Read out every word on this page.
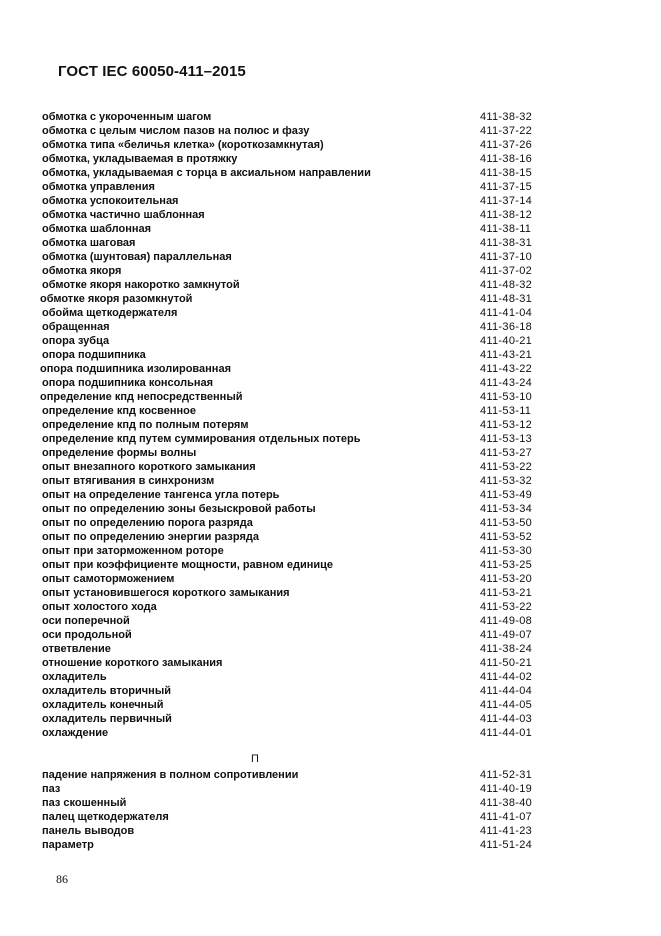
ГОСТ IEC 60050-411–2015
обмотка с укороченным шагом	411-38-32
обмотка с целым числом пазов на полюс и фазу	411-37-22
обмотка типа «беличья клетка» (короткозамкнутая)	411-37-26
обмотка, укладываемая в протяжку	411-38-16
обмотка, укладываемая с торца в аксиальном направлении	411-38-15
обмотка управления	411-37-15
обмотка успокоительная	411-37-14
обмотка частично шаблонная	411-38-12
обмотка шаблонная	411-38-11
обмотка шаговая	411-38-31
обмотка (шунтовая) параллельная	411-37-10
обмотка якоря	411-37-02
обмотке якоря накоротко замкнутой	411-48-32
обмотке якоря разомкнутой	411-48-31
обойма щеткодержателя	411-41-04
обращенная	411-36-18
опора зубца	411-40-21
опора подшипника	411-43-21
опора подшипника изолированная	411-43-22
опора подшипника консольная	411-43-24
определение кпд непосредственный	411-53-10
определение кпд косвенное	411-53-11
определение кпд по полным потерям	411-53-12
определение кпд путем суммирования отдельных потерь	411-53-13
определение формы волны	411-53-27
опыт внезапного короткого замыкания	411-53-22
опыт втягивания в синхронизм	411-53-32
опыт на определение тангенса угла потерь	411-53-49
опыт по определению зоны безыскровой работы	411-53-34
опыт по определению порога разряда	411-53-50
опыт по определению энергии разряда	411-53-52
опыт при заторможенном роторе	411-53-30
опыт при коэффициенте мощности, равном единице	411-53-25
опыт самоторможением	411-53-20
опыт установившегося короткого замыкания	411-53-21
опыт холостого хода	411-53-22
оси поперечной	411-49-08
оси продольной	411-49-07
ответвление	411-38-24
отношение короткого замыкания	411-50-21
охладитель	411-44-02
охладитель вторичный	411-44-04
охладитель конечный	411-44-05
охладитель первичный	411-44-03
охлаждение	411-44-01
П
падение напряжения в полном сопротивлении	411-52-31
паз	411-40-19
паз скошенный	411-38-40
палец щеткодержателя	411-41-07
панель выводов	411-41-23
параметр	411-51-24
86
